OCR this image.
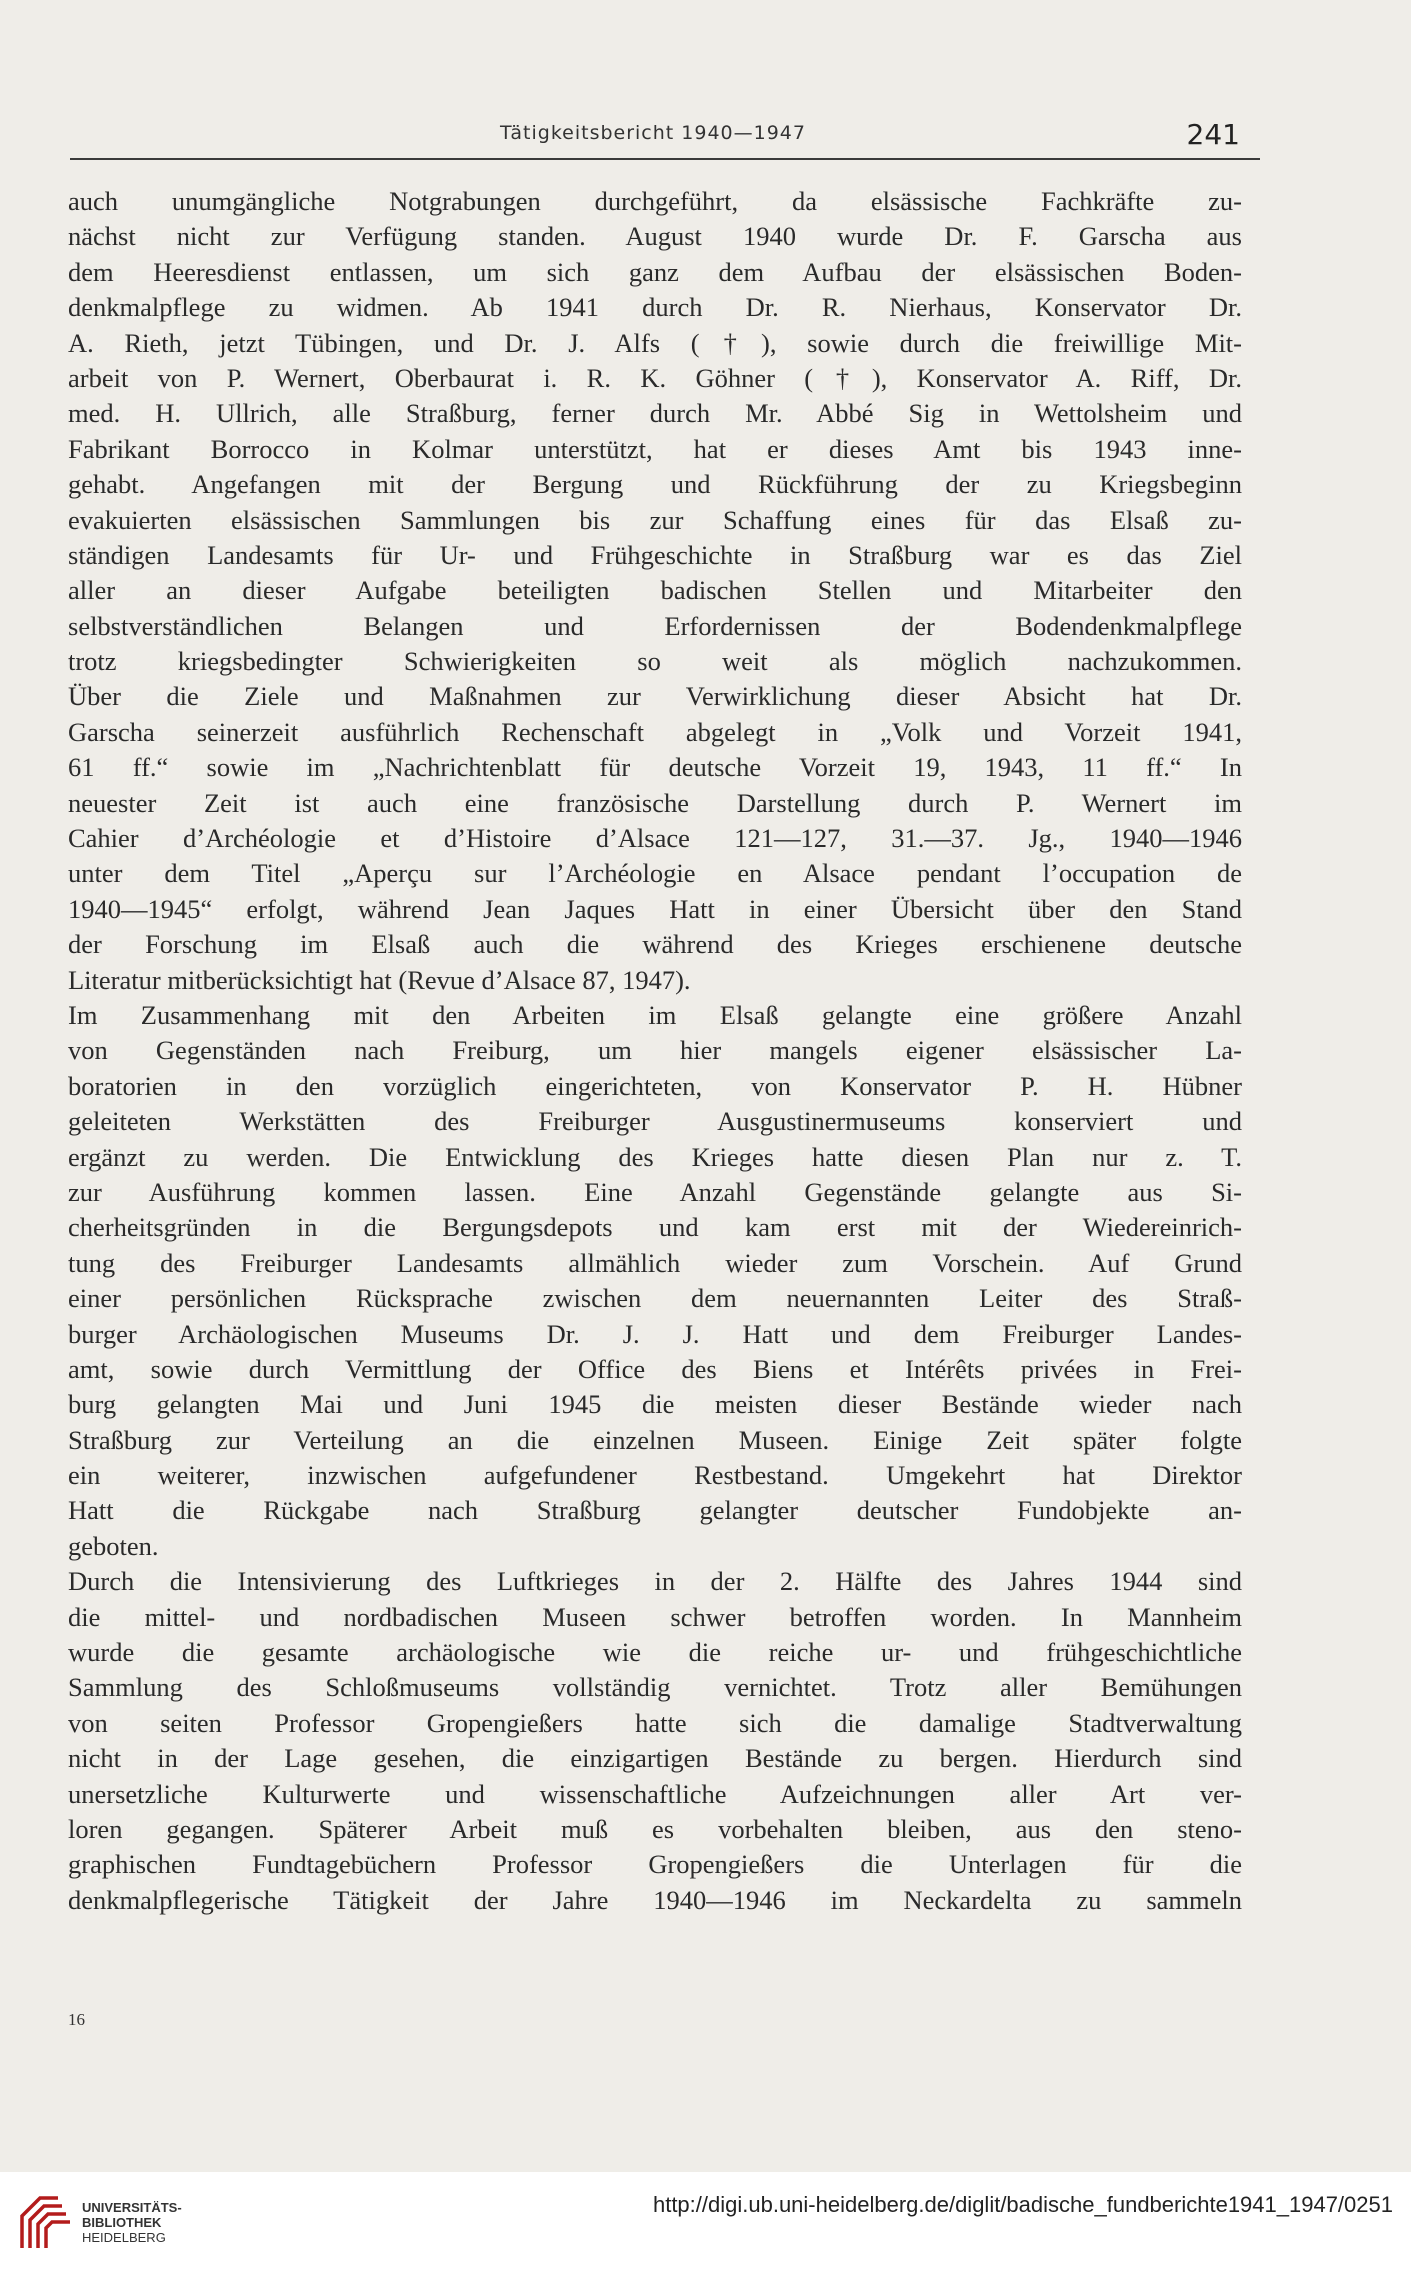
Tätigkeitsbericht 1940—1947	241
auch unumgängliche Notgrabungen durchgeführt, da elsässische Fachkräfte zu-
nächst nicht zur Verfügung standen. August 1940 wurde Dr. F. Garscha aus
dem Heeresdienst entlassen, um sich ganz dem Aufbau der elsässischen Boden-
denkmalpflege zu widmen. Ab 1941 durch Dr. R. Nierhaus, Konservator Dr.
A. Rieth, jetzt Tübingen, und Dr. J. Alfs (†), sowie durch die freiwillige Mit-
arbeit von P. Wernert, Oberbaurat i. R. K. Göhner (†), Konservator A. Riff, Dr.
med. H. Ullrich, alle Straßburg, ferner durch Mr. Abbé Sig in Wettolsheim und
Fabrikant Borrocco in Kolmar unterstützt, hat er dieses Amt bis 1943 inne-
gehabt. Angefangen mit der Bergung und Rückführung der zu Kriegsbeginn
evakuierten elsässischen Sammlungen bis zur Schaffung eines für das Elsaß zu-
ständigen Landesamts für Ur- und Frühgeschichte in Straßburg war es das Ziel
aller an dieser Aufgabe beteiligten badischen Stellen und Mitarbeiter den
selbstverständlichen Belangen und Erfordernissen der Bodendenkmalpflege
trotz kriegsbedingter Schwierigkeiten so weit als möglich nachzukommen.
Über die Ziele und Maßnahmen zur Verwirklichung dieser Absicht hat Dr.
Garscha seinerzeit ausführlich Rechenschaft abgelegt in „Volk und Vorzeit 1941,
61 ff.“ sowie im „Nachrichtenblatt für deutsche Vorzeit 19, 1943, 11 ff.“ In
neuester Zeit ist auch eine französische Darstellung durch P. Wernert im
Cahier d’Archéologie et d’Histoire d’Alsace 121—127, 31.—37. Jg., 1940—1946
unter dem Titel „Aperçu sur l’Archéologie en Alsace pendant l’occupation de
1940—1945“ erfolgt, während Jean Jaques Hatt in einer Übersicht über den Stand
der Forschung im Elsaß auch die während des Krieges erschienene deutsche
Literatur mitberücksichtigt hat (Revue d’Alsace 87, 1947).
Im Zusammenhang mit den Arbeiten im Elsaß gelangte eine größere Anzahl
von Gegenständen nach Freiburg, um hier mangels eigener elsässischer La-
boratorien in den vorzüglich eingerichteten, von Konservator P. H. Hübner
geleiteten Werkstätten des Freiburger Ausgustinermuseums konserviert und
ergänzt zu werden. Die Entwicklung des Krieges hatte diesen Plan nur z. T.
zur Ausführung kommen lassen. Eine Anzahl Gegenstände gelangte aus Si-
cherheitsgründen in die Bergungsdepots und kam erst mit der Wiedereinrich-
tung des Freiburger Landesamts allmählich wieder zum Vorschein. Auf Grund
einer persönlichen Rücksprache zwischen dem neuernannten Leiter des Straß-
burger Archäologischen Museums Dr. J. J. Hatt und dem Freiburger Landes-
amt, sowie durch Vermittlung der Office des Biens et Intérêts privées in Frei-
burg gelangten Mai und Juni 1945 die meisten dieser Bestände wieder nach
Straßburg zur Verteilung an die einzelnen Museen. Einige Zeit später folgte
ein weiterer, inzwischen aufgefundener Restbestand. Umgekehrt hat Direktor
Hatt die Rückgabe nach Straßburg gelangter deutscher Fundobjekte an-
geboten.
Durch die Intensivierung des Luftkrieges in der 2. Hälfte des Jahres 1944 sind
die mittel- und nordbadischen Museen schwer betroffen worden. In Mannheim
wurde die gesamte archäologische wie die reiche ur- und frühgeschichtliche
Sammlung des Schloßmuseums vollständig vernichtet. Trotz aller Bemühungen
von seiten Professor Gropengießers hatte sich die damalige Stadtverwaltung
nicht in der Lage gesehen, die einzigartigen Bestände zu bergen. Hierdurch sind
unersetzliche Kulturwerte und wissenschaftliche Aufzeichnungen aller Art ver-
loren gegangen. Späterer Arbeit muß es vorbehalten bleiben, aus den steno-
graphischen Fundtagebüchern Professor Gropengießers die Unterlagen für die
denkmalpflegerische Tätigkeit der Jahre 1940—1946 im Neckardelta zu sammeln
16
UNIVERSITÄTS-
BIBLIOTHEK
HEIDELBERG
http://digi.ub.uni-heidelberg.de/diglit/badische_fundberichte1941_1947/0251
